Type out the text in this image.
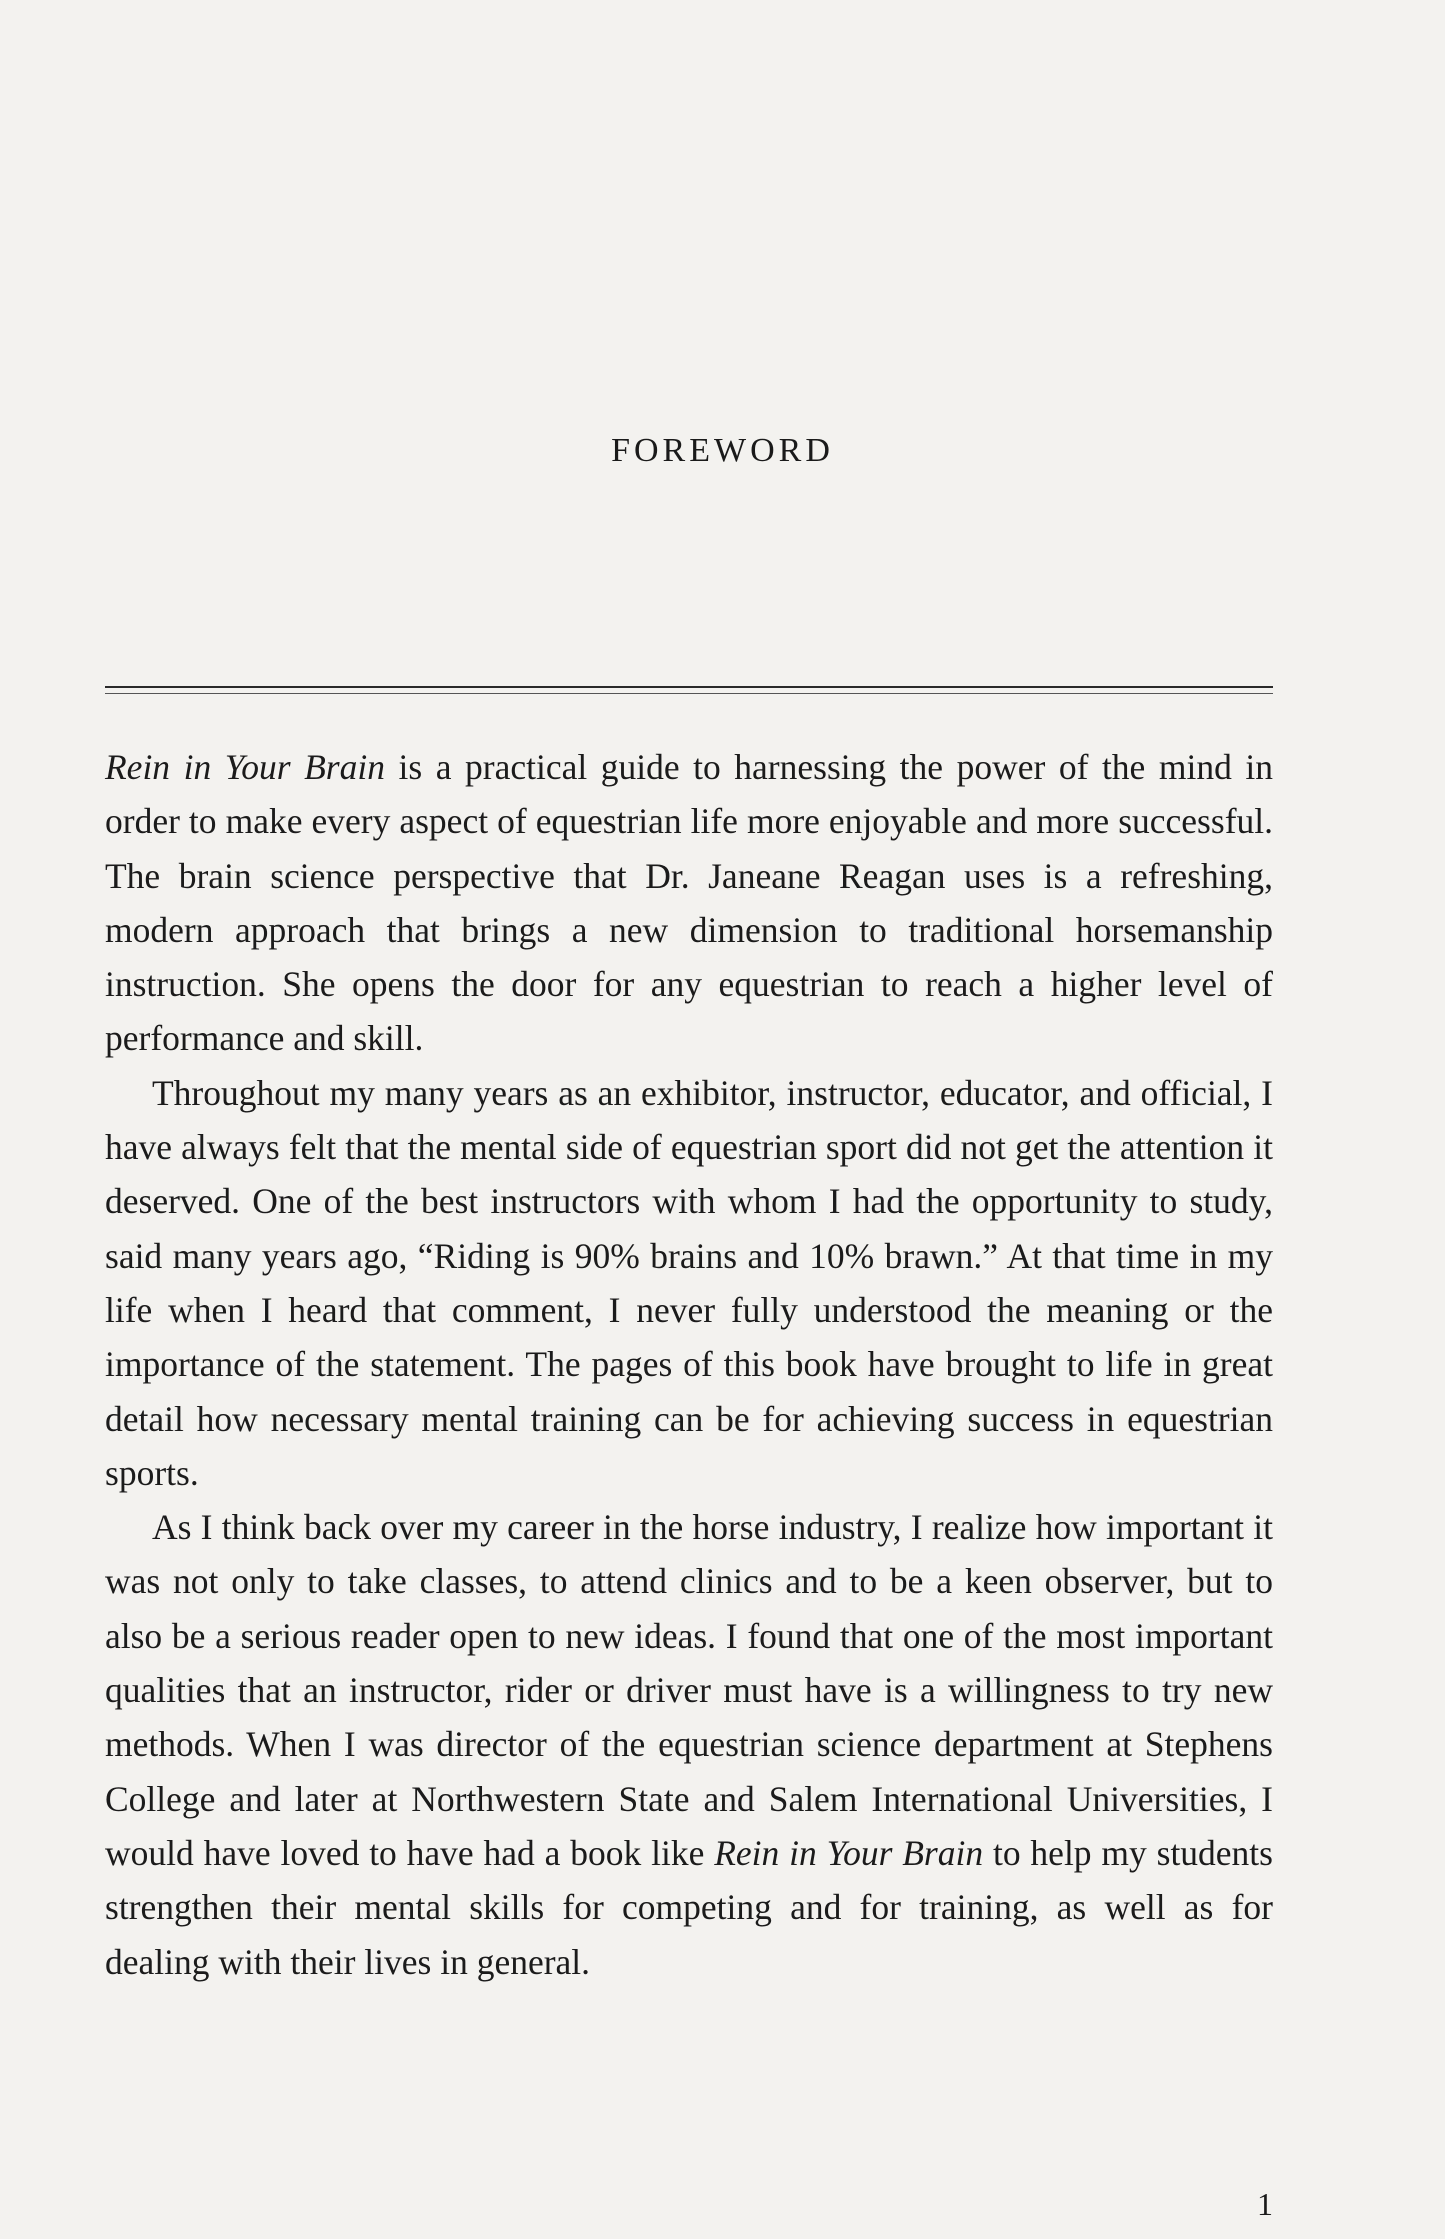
FOREWORD

Rein in Your Brain is a practical guide to harnessing the power of the mind in order to make every aspect of equestrian life more enjoyable and more successful. The brain science perspective that Dr. Janeane Reagan uses is a refreshing, modern approach that brings a new dimension to traditional horsemanship instruction. She opens the door for any equestrian to reach a higher level of performance and skill.

Throughout my many years as an exhibitor, instructor, educator, and official, I have always felt that the mental side of equestrian sport did not get the attention it deserved. One of the best instructors with whom I had the opportunity to study, said many years ago, “Riding is 90% brains and 10% brawn.” At that time in my life when I heard that comment, I never fully understood the meaning or the importance of the statement. The pages of this book have brought to life in great detail how necessary mental training can be for achieving success in equestrian sports.

As I think back over my career in the horse industry, I realize how important it was not only to take classes, to attend clinics and to be a keen observer, but to also be a serious reader open to new ideas. I found that one of the most important qualities that an instructor, rider or driver must have is a willingness to try new methods. When I was director of the equestrian science department at Stephens College and later at Northwestern State and Salem International Universities, I would have loved to have had a book like Rein in Your Brain to help my students strengthen their mental skills for competing and for training, as well as for dealing with their lives in general.

1
